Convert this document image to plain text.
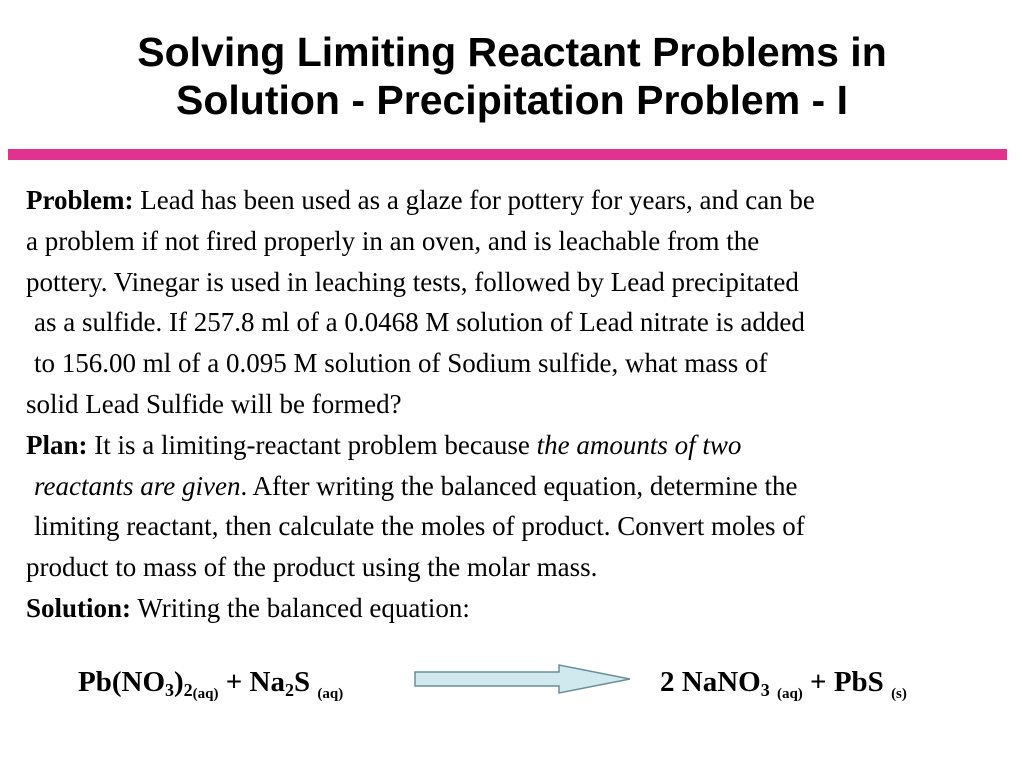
Solving Limiting Reactant Problems in
Solution - Precipitation Problem - I
Problem: Lead has been used as a glaze for pottery for years, and can be
a problem if not fired properly in an oven, and is leachable from the
pottery. Vinegar is used in leaching tests, followed by Lead precipitated
as a sulfide. If 257.8 ml of a 0.0468 M solution of Lead nitrate is added
to 156.00 ml of a 0.095 M solution of Sodium sulfide, what mass of
solid Lead Sulfide will be formed?
Plan: It is a limiting-reactant problem because the amounts of two
reactants are given. After writing the balanced equation, determine the
limiting reactant, then calculate the moles of product. Convert moles of
product to mass of the product using the molar mass.
Solution: Writing the balanced equation:
$Pb(NO_3)_{2(aq)} + Na_2S$ $_{(aq)}$	2 NaNO$_3$ $_{(aq)}$ + PbS $_{(s)}$
